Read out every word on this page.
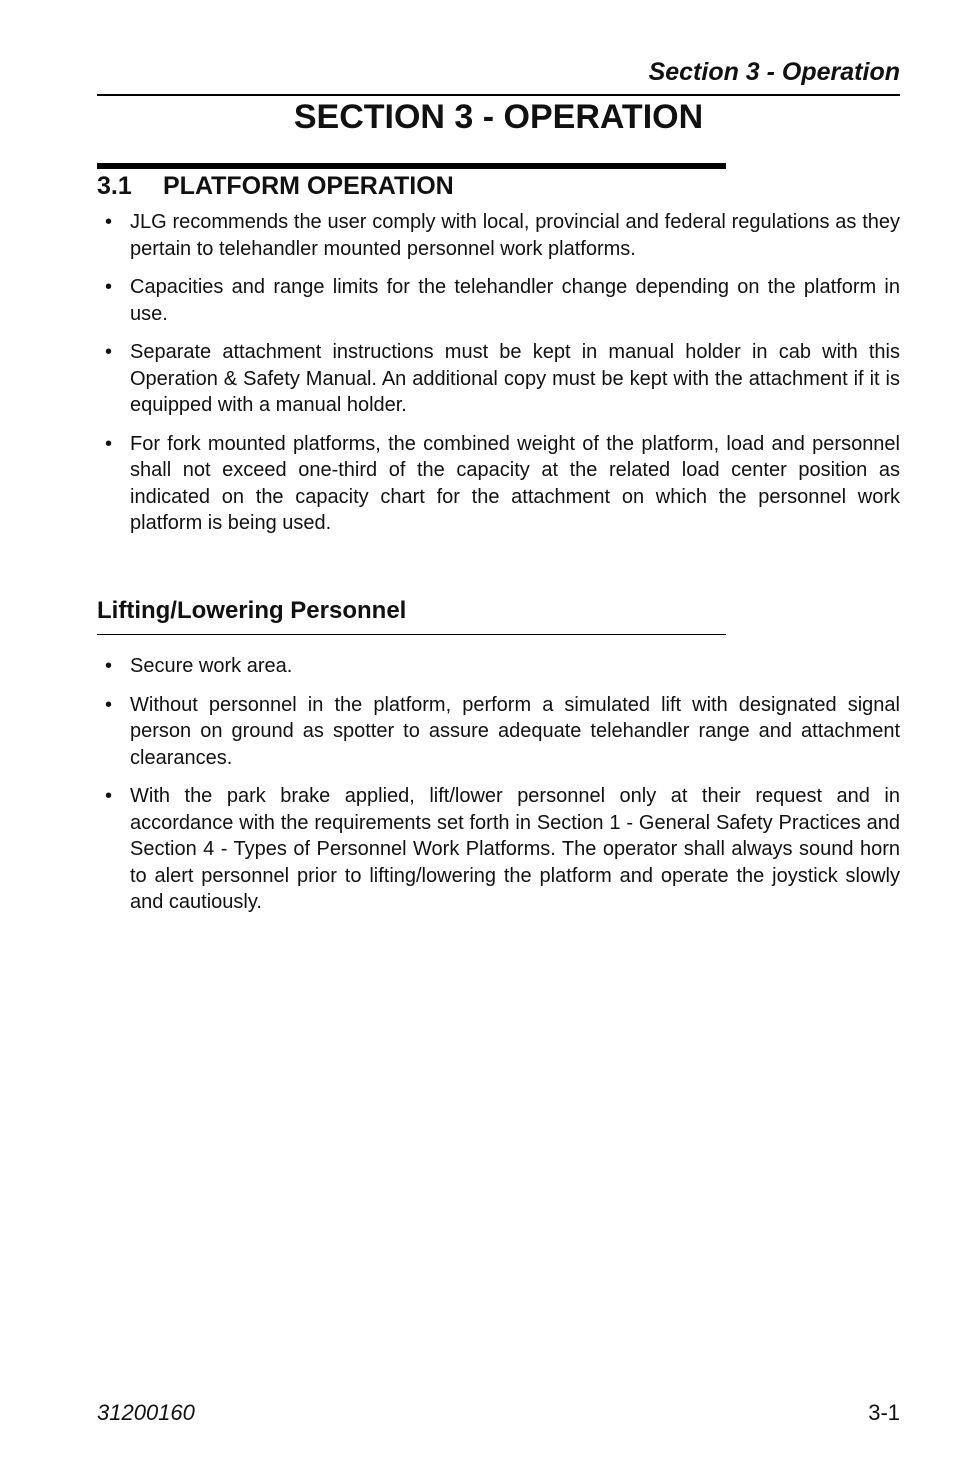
Section 3 - Operation
SECTION 3 - OPERATION
3.1 PLATFORM OPERATION
• JLG recommends the user comply with local, provincial and federal regulations as they pertain to telehandler mounted personnel work platforms.
• Capacities and range limits for the telehandler change depending on the platform in use.
• Separate attachment instructions must be kept in manual holder in cab with this Operation & Safety Manual. An additional copy must be kept with the attachment if it is equipped with a manual holder.
• For fork mounted platforms, the combined weight of the platform, load and personnel shall not exceed one-third of the capacity at the related load center position as indicated on the capacity chart for the attachment on which the personnel work platform is being used.
Lifting/Lowering Personnel
• Secure work area.
• Without personnel in the platform, perform a simulated lift with designated signal person on ground as spotter to assure adequate telehandler range and attachment clearances.
• With the park brake applied, lift/lower personnel only at their request and in accordance with the requirements set forth in Section 1 - General Safety Practices and Section 4 - Types of Personnel Work Platforms. The operator shall always sound horn to alert personnel prior to lifting/lowering the platform and operate the joystick slowly and cautiously.
31200160	3-1
